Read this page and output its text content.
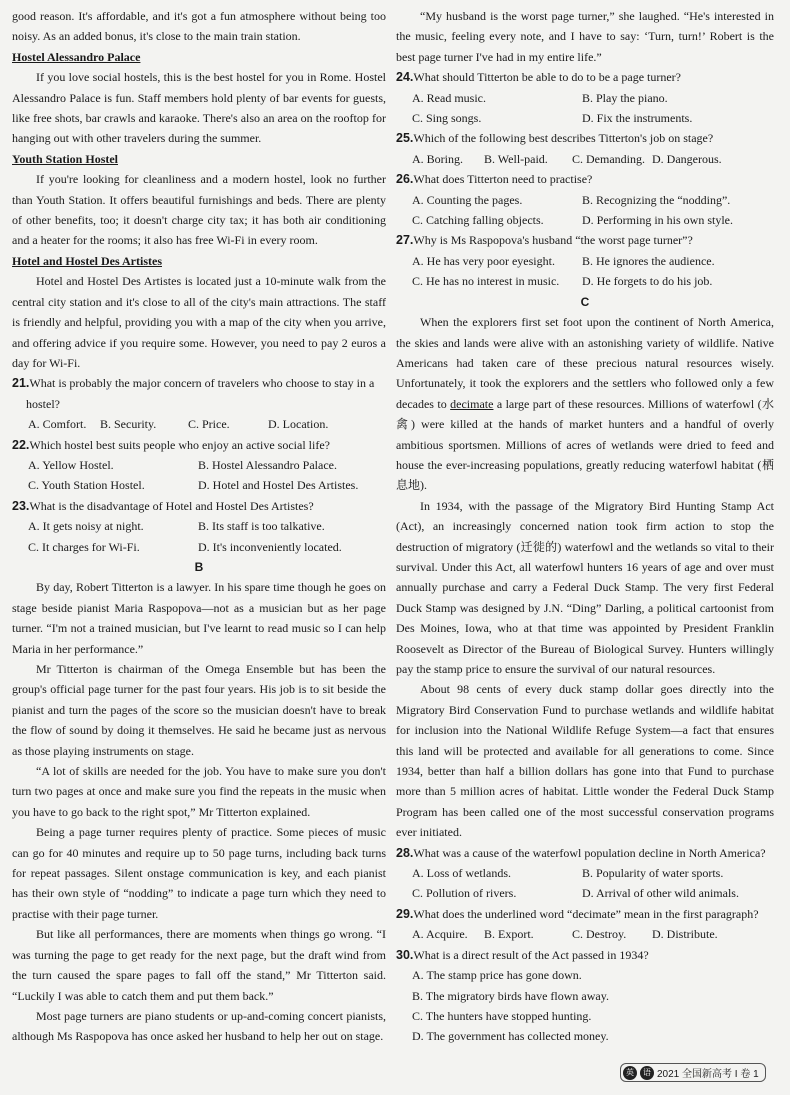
good reason. It's affordable, and it's got a fun atmosphere without being too noisy. As an added bonus, it's close to the main train station.

Hostel Alessandro Palace

If you love social hostels, this is the best hostel for you in Rome. Hostel Alessandro Palace is fun. Staff members hold plenty of bar events for guests, like free shots, bar crawls and karaoke. There's also an area on the rooftop for hanging out with other travelers during the summer.

Youth Station Hostel

If you're looking for cleanliness and a modern hostel, look no further than Youth Station. It offers beautiful furnishings and beds. There are plenty of other benefits, too; it doesn't charge city tax; it has both air conditioning and a heater for the rooms; it also has free Wi-Fi in every room.

Hotel and Hostel Des Artistes

Hotel and Hostel Des Artistes is located just a 10-minute walk from the central city station and it's close to all of the city's main attractions. The staff is friendly and helpful, providing you with a map of the city when you arrive, and offering advice if you require some. However, you need to pay 2 euros a day for Wi-Fi.

21.What is probably the major concern of travelers who choose to stay in a hostel?

A. Comfort.	B. Security.	C. Price.	D. Location.

22.Which hostel best suits people who enjoy an active social life?

A. Yellow Hostel.	B. Hostel Alessandro Palace.
C. Youth Station Hostel.	D. Hotel and Hostel Des Artistes.

23.What is the disadvantage of Hotel and Hostel Des Artistes?

A. It gets noisy at night.	B. Its staff is too talkative.
C. It charges for Wi-Fi.	D. It's inconveniently located.

B

By day, Robert Titterton is a lawyer. In his spare time though he goes on stage beside pianist Maria Raspopova—not as a musician but as her page turner. “I'm not a trained musician, but I've learnt to read music so I can help Maria in her performance.”

Mr Titterton is chairman of the Omega Ensemble but has been the group's official page turner for the past four years. His job is to sit beside the pianist and turn the pages of the score so the musician doesn't have to break the flow of sound by doing it themselves. He said he became just as nervous as those playing instruments on stage.

“A lot of skills are needed for the job. You have to make sure you don't turn two pages at once and make sure you find the repeats in the music when you have to go back to the right spot,” Mr Titterton explained.

Being a page turner requires plenty of practice. Some pieces of music can go for 40 minutes and require up to 50 page turns, including back turns for repeat passages. Silent onstage communication is key, and each pianist has their own style of “nodding” to indicate a page turn which they need to practise with their page turner.

But like all performances, there are moments when things go wrong. “I was turning the page to get ready for the next page, but the draft wind from the turn caused the spare pages to fall off the stand,” Mr Titterton said. “Luckily I was able to catch them and put them back.”

Most page turners are piano students or up-and-coming concert pianists, although Ms Raspopova has once asked her husband to help her out on stage.

“My husband is the worst page turner,” she laughed. “He's interested in the music, feeling every note, and I have to say: ‘Turn, turn!’ Robert is the best page turner I've had in my entire life.”

24.What should Titterton be able to do to be a page turner?

A. Read music.	B. Play the piano.
C. Sing songs.	D. Fix the instruments.

25.Which of the following best describes Titterton's job on stage?

A. Boring.	B. Well-paid.	C. Demanding. D. Dangerous.

26.What does Titterton need to practise?

A. Counting the pages.	B. Recognizing the “nodding”.
C. Catching falling objects.	D. Performing in his own style.

27.Why is Ms Raspopova's husband “the worst page turner”?

A. He has very poor eyesight.	B. He ignores the audience.
C. He has no interest in music.	D. He forgets to do his job.

C

When the explorers first set foot upon the continent of North America, the skies and lands were alive with an astonishing variety of wildlife. Native Americans had taken care of these precious natural resources wisely. Unfortunately, it took the explorers and the settlers who followed only a few decades to decimate a large part of these resources. Millions of waterfowl (水禽) were killed at the hands of market hunters and a handful of overly ambitious sportsmen. Millions of acres of wetlands were dried to feed and house the ever-increasing populations, greatly reducing waterfowl habitat (栖息地).

In 1934, with the passage of the Migratory Bird Hunting Stamp Act (Act), an increasingly concerned nation took firm action to stop the destruction of migratory (迁徙的) waterfowl and the wetlands so vital to their survival. Under this Act, all waterfowl hunters 16 years of age and over must annually purchase and carry a Federal Duck Stamp. The very first Federal Duck Stamp was designed by J.N. “Ding” Darling, a political cartoonist from Des Moines, Iowa, who at that time was appointed by President Franklin Roosevelt as Director of the Bureau of Biological Survey. Hunters willingly pay the stamp price to ensure the survival of our natural resources.

About 98 cents of every duck stamp dollar goes directly into the Migratory Bird Conservation Fund to purchase wetlands and wildlife habitat for inclusion into the National Wildlife Refuge System—a fact that ensures this land will be protected and available for all generations to come. Since 1934, better than half a billion dollars has gone into that Fund to purchase more than 5 million acres of habitat. Little wonder the Federal Duck Stamp Program has been called one of the most successful conservation programs ever initiated.

28.What was a cause of the waterfowl population decline in North America?

A. Loss of wetlands.	B. Popularity of water sports.
C. Pollution of rivers.	D. Arrival of other wild animals.

29.What does the underlined word “decimate” mean in the first paragraph?

A. Acquire.	B. Export.	C. Destroy.	D. Distribute.

30.What is a direct result of the Act passed in 1934?

A. The stamp price has gone down.
B. The migratory birds have flown away.
C. The hunters have stopped hunting.
D. The government has collected money.
英	语 2021 全国新高考 I 卷 1
